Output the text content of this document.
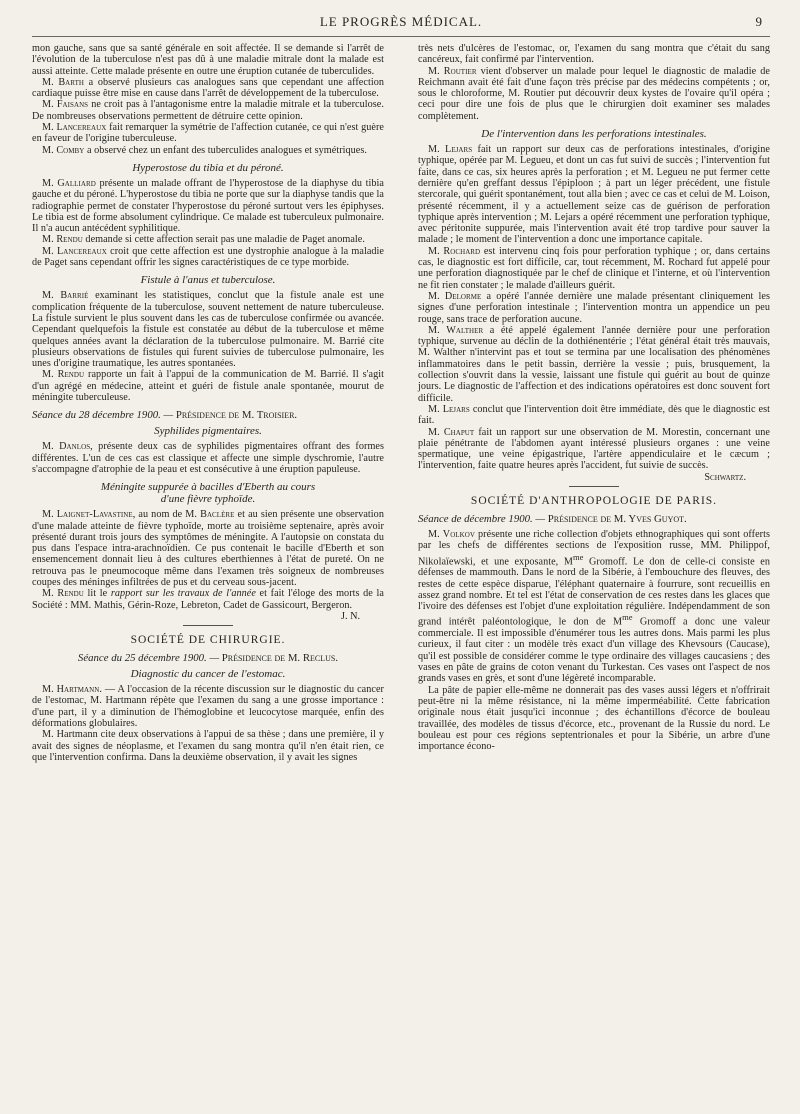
LE PROGRÈS MÉDICAL.	9

mon gauche, sans que sa santé générale en soit affectée. Il se demande si l'arrêt de l'évolution de la tuberculose n'est pas dû à une maladie mitrale dont la malade est aussi atteinte. Cette malade présente en outre une éruption cutanée de tuberculides.

M. Barth a observé plusieurs cas analogues sans que cependant une affection cardiaque puisse être mise en cause dans l'arrêt de développement de la tuberculose.

M. Faisans ne croit pas à l'antagonisme entre la maladie mitrale et la tuberculose. De nombreuses observations permettent de détruire cette opinion.

M. Lancereaux fait remarquer la symétrie de l'affection cutanée, ce qui n'est guère en faveur de l'origine tuberculeuse.

M. Comby a observé chez un enfant des tuberculides analogues et symétriques.

Hyperostose du tibia et du péroné.

M. Galliard présente un malade offrant de l'hyperostose de la diaphyse du tibia gauche et du péroné. L'hyperostose du tibia ne porte que sur la diaphyse tandis que la radiographie permet de constater l'hyperostose du péroné surtout vers les épiphyses. Le tibia est de forme absolument cylindrique. Ce malade est tuberculeux pulmonaire. Il n'a aucun antécédent syphilitique.

M. Rendu demande si cette affection serait pas une maladie de Paget anomale.

M. Lancereaux croit que cette affection est une dystrophie analogue à la maladie de Paget sans cependant offrir les signes caractéristiques de ce type morbide.

Fistule à l'anus et tuberculose.

M. Barrié examinant les statistiques, conclut que la fistule anale est une complication fréquente de la tuberculose, souvent nettement de nature tuberculeuse. La fistule survient le plus souvent dans les cas de tuberculose confirmée ou avancée. Cependant quelquefois la fistule est constatée au début de la tuberculose et même quelques années avant la déclaration de la tuberculose pulmonaire. M. Barrié cite plusieurs observations de fistules qui furent suivies de tuberculose pulmonaire, les unes d'origine traumatique, les autres spontanées.

M. Rendu rapporte un fait à l'appui de la communication de M. Barrié. Il s'agit d'un agrégé en médecine, atteint et guéri de fistule anale spontanée, mourut de méningite tuberculeuse.

Séance du 28 décembre 1900. — Présidence de M. Troisier.
Syphilides pigmentaires.

M. Danlos, présente deux cas de syphilides pigmentaires offrant des formes différentes. L'un de ces cas est classique et affecte une simple dyschromie, l'autre s'accompagne d'atrophie de la peau et est consécutive à une éruption papuleuse.

Méningite suppurée à bacilles d'Eberth au cours
d'une fièvre typhoïde.

M. Laignet-Lavastine, au nom de M. Baclère et au sien présente une observation d'une malade atteinte de fièvre typhoïde, morte au troisième septenaire, après avoir présenté durant trois jours des symptômes de méningite. A l'autopsie on constata du pus dans l'espace intra-arachnoïdien. Ce pus contenait le bacille d'Eberth et son ensemencement donnait lieu à des cultures eberthiennes à l'état de pureté. On ne retrouva pas le pneumocoque même dans l'examen très soigneux de nombreuses coupes des méninges infiltrées de pus et du cerveau sous-jacent.

M. Rendu lit le rapport sur les travaux de l'année et fait l'éloge des morts de la Société : MM. Mathis, Gérin-Roze, Lebreton, Cadet de Gassicourt, Bergeron.

J. N.
SOCIÉTÉ DE CHIRURGIE.
Séance du 25 décembre 1900. — Présidence de M. Reclus.
Diagnostic du cancer de l'estomac.

M. Hartmann. — A l'occasion de la récente discussion sur le diagnostic du cancer de l'estomac, M. Hartmann répète que l'examen du sang a une grosse importance : d'une part, il y a diminution de l'hémoglobine et leucocytose marquée, enfin des déformations globulaires.

M. Hartmann cite deux observations à l'appui de sa thèse ; dans une première, il y avait des signes de néoplasme, et l'examen du sang montra qu'il n'en était rien, ce que l'intervention confirma. Dans la deuxième observation, il y avait les signes

très nets d'ulcères de l'estomac, or, l'examen du sang montra que c'était du sang cancéreux, fait confirmé par l'intervention.

M. Routier vient d'observer un malade pour lequel le diagnostic de maladie de Reichmann avait été fait d'une façon très précise par des médecins compétents ; or, sous le chloroforme, M. Routier put découvrir deux kystes de l'ovaire qu'il opéra ; ceci pour dire une fois de plus que le chirurgien doit examiner ses malades complètement.

De l'intervention dans les perforations intestinales.

M. Lejars fait un rapport sur deux cas de perforations intestinales, d'origine typhique, opérée par M. Legueu, et dont un cas fut suivi de succès ; l'intervention fut faite, dans ce cas, six heures après la perforation ; et M. Legueu ne put fermer cette dernière qu'en greffant dessus l'épiploon ; à part un léger précédent, une fistule stercorale, qui guérit spontanément, tout alla bien ; avec ce cas et celui de M. Loison, présenté récemment, il y a actuellement seize cas de guérison de perforation typhique après intervention ; M. Lejars a opéré récemment une perforation typhique, avec péritonite suppurée, mais l'intervention avait été trop tardive pour sauver la malade ; le moment de l'intervention a donc une importance capitale.

M. Rochard est intervenu cinq fois pour perforation typhique ; or, dans certains cas, le diagnostic est fort difficile, car, tout récemment, M. Rochard fut appelé pour une perforation diagnostiquée par le chef de clinique et l'interne, et où l'intervention ne fit rien constater ; le malade d'ailleurs guérit.

M. Delorme a opéré l'année dernière une malade présentant cliniquement les signes d'une perforation intestinale ; l'intervention montra un appendice un peu rouge, sans trace de perforation aucune.

M. Walther a été appelé également l'année dernière pour une perforation typhique, survenue au déclin de la dothiénentérie ; l'état général était très mauvais, M. Walther n'intervint pas et tout se termina par une localisation des phénomènes inflammatoires dans le petit bassin, derrière la vessie ; puis, brusquement, la collection s'ouvrit dans la vessie, laissant une fistule qui guérit au bout de quinze jours. Le diagnostic de l'affection et des indications opératoires est donc souvent fort difficile.

M. Lejars conclut que l'intervention doit être immédiate, dès que le diagnostic est fait.

M. Chaput fait un rapport sur une observation de M. Morestin, concernant une plaie pénétrante de l'abdomen ayant intéressé plusieurs organes : une veine spermatique, une veine épigastrique, l'artère appendiculaire et le cæcum ; l'intervention, faite quatre heures après l'accident, fut suivie de succès.

Schwartz.
SOCIÉTÉ D'ANTHROPOLOGIE DE PARIS.
Séance de décembre 1900. — Présidence de M. Yves Guyot.

M. Volkov présente une riche collection d'objets ethnographiques qui sont offerts par les chefs de différentes sections de l'exposition russe, MM. Philippof, Nikolaïewski, et une exposante, $M^{me}$ Gromoff. Le don de celle-ci consiste en défenses de mammouth. Dans le nord de la Sibérie, à l'embouchure des fleuves, des restes de cette espèce disparue, l'éléphant quaternaire à fourrure, sont recueillis en assez grand nombre. Et tel est l'état de conservation de ces restes dans les glaces que l'ivoire des défenses est l'objet d'une exploitation régulière. Indépendamment de son grand intérêt paléontologique, le don de $M^{me}$ Gromoff a donc une valeur commerciale. Il est impossible d'énumérer tous les autres dons. Mais parmi les plus curieux, il faut citer : un modèle très exact d'un village des Khevsours (Caucase), qu'il est possible de considérer comme le type ordinaire des villages caucasiens ; des vases en pâte de grains de coton venant du Turkestan. Ces vases ont l'aspect de nos grands vases en grès, et sont d'une légèreté incomparable.

La pâte de papier elle-même ne donnerait pas des vases aussi légers et n'offrirait peut-être ni la même résistance, ni la même imperméabilité. Cette fabrication originale nous était jusqu'ici inconnue ; des échantillons d'écorce de bouleau travaillée, des modèles de tissus d'écorce, etc., provenant de la Russie du nord. Le bouleau est pour ces régions septentrionales et pour la Sibérie, un arbre d'une importance écono-
